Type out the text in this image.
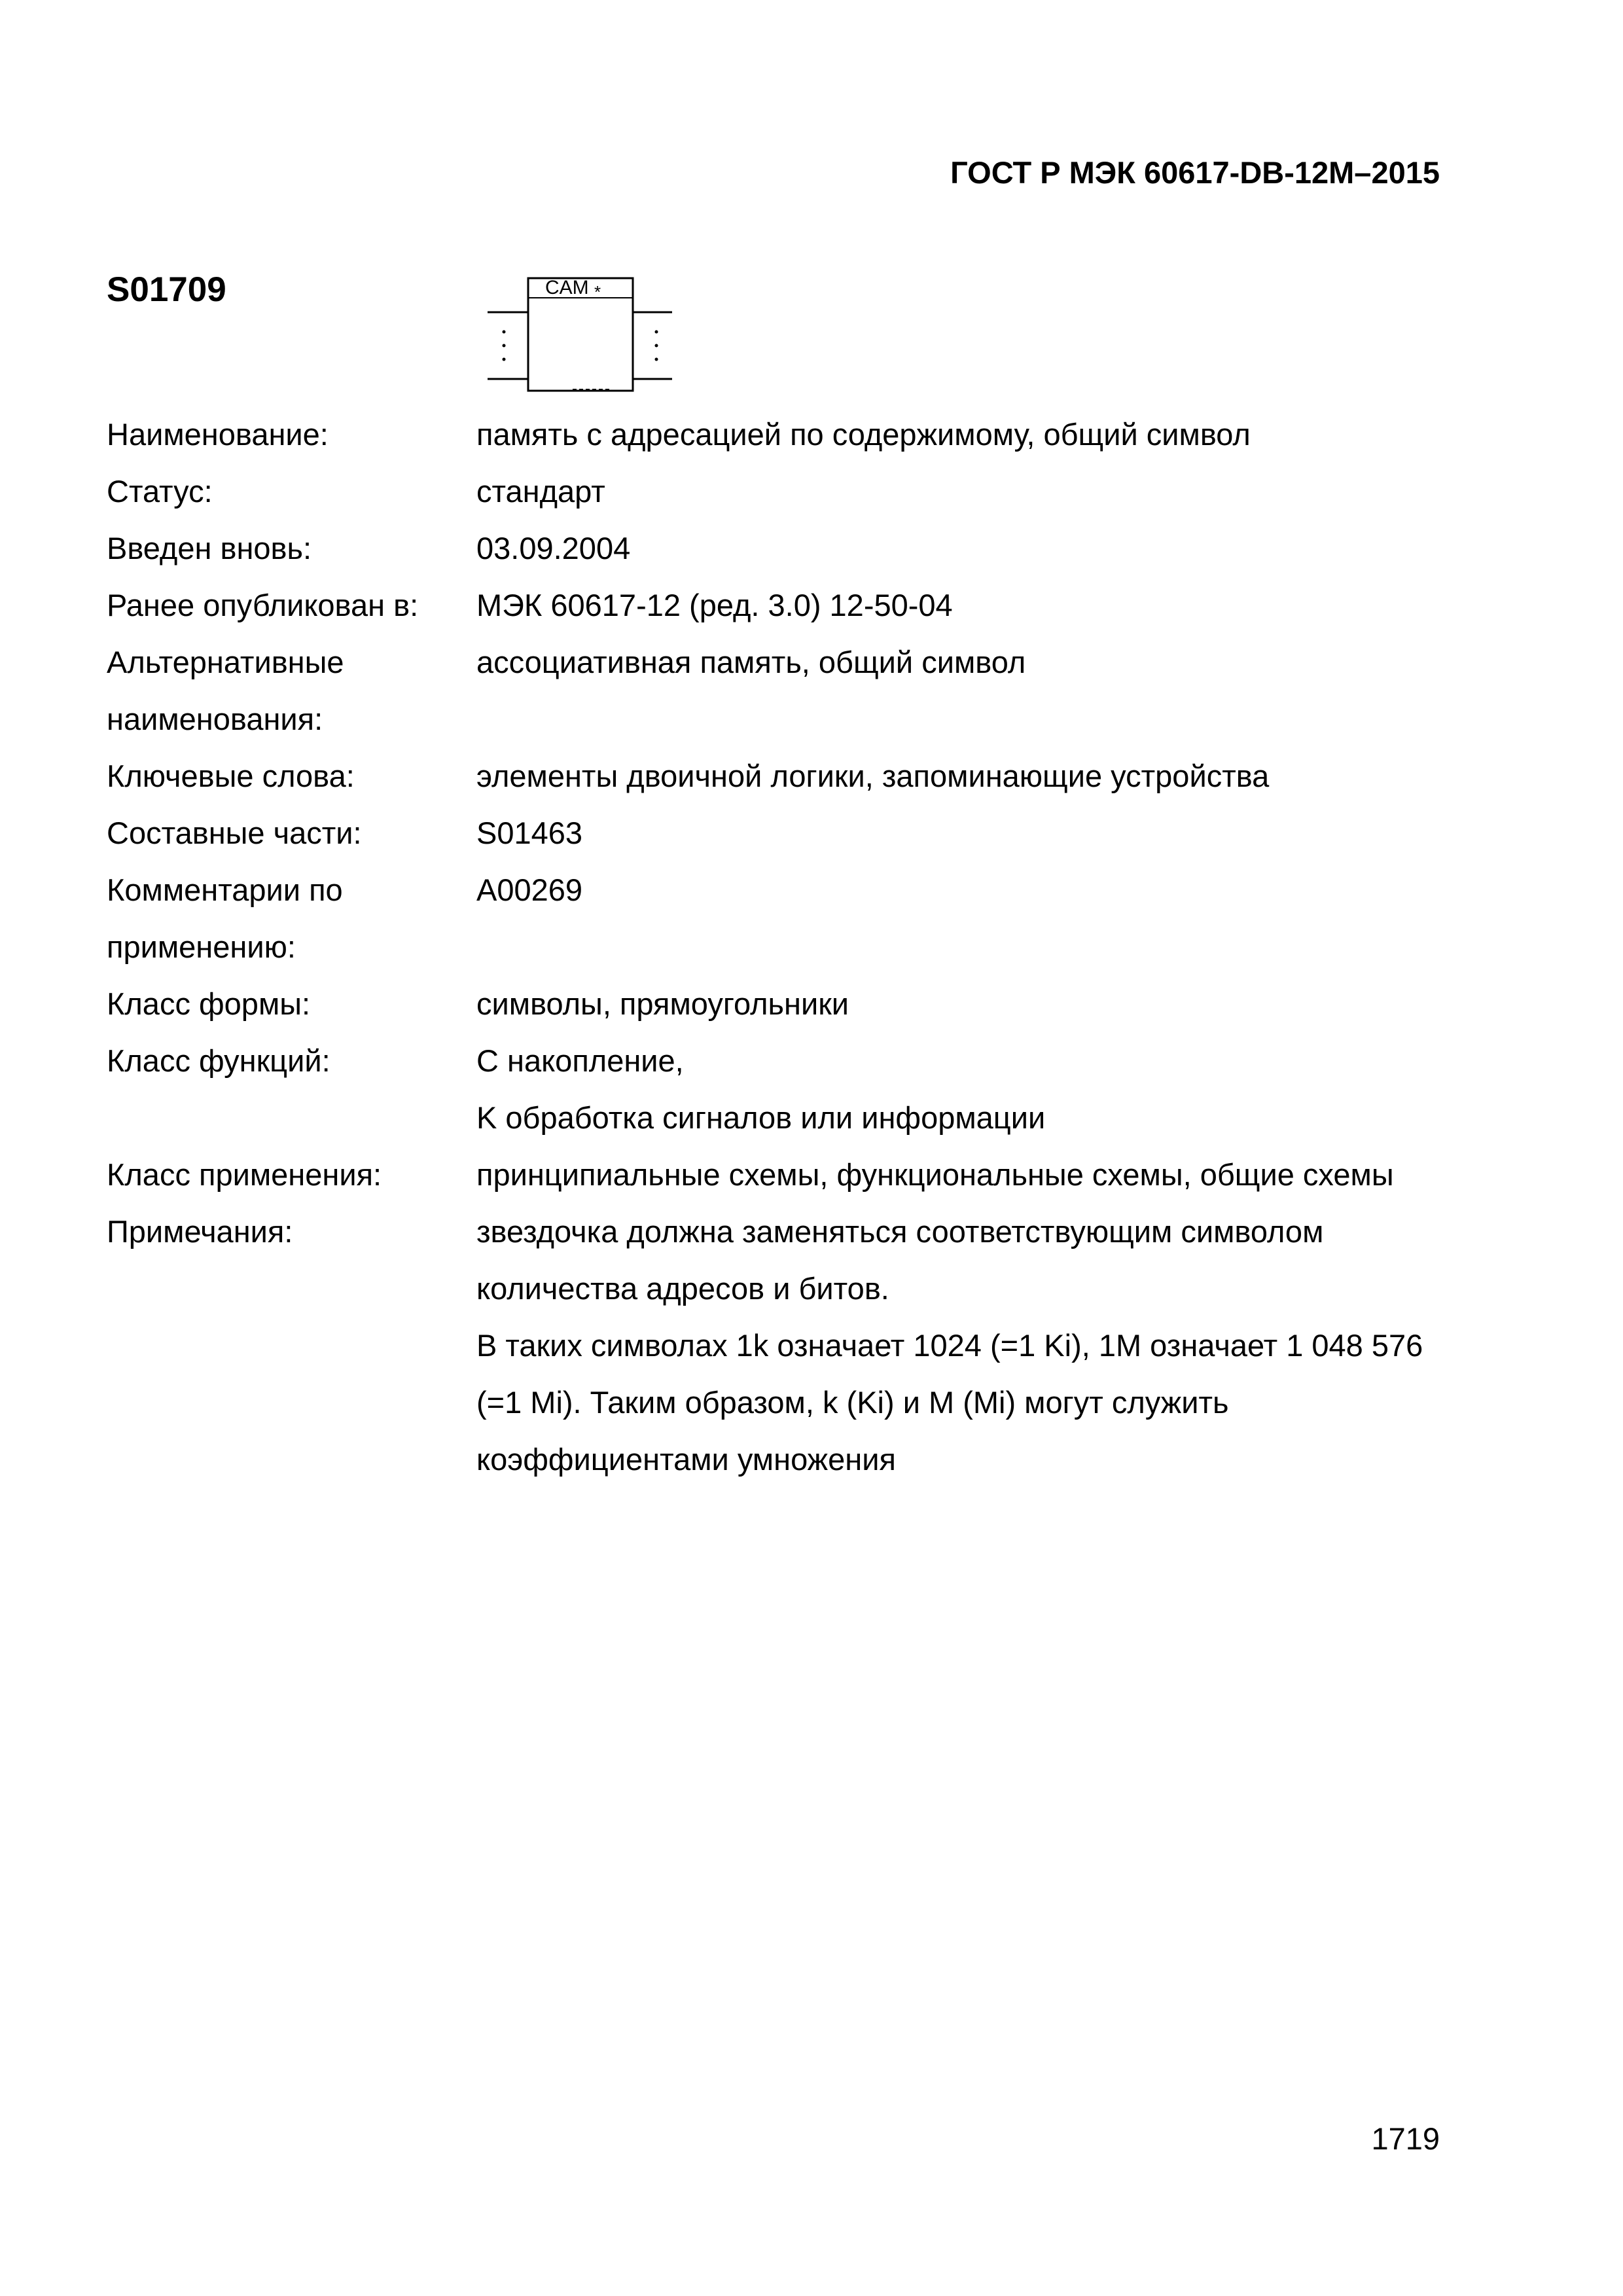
ГОСТ Р МЭК 60617-DB-12М–2015
S01709	CAM *
Наименование:	память с адресацией по содержимому, общий символ
Статус:	стандарт
Введен вновь:	03.09.2004
Ранее опубликован в:	МЭК 60617-12 (ред. 3.0) 12-50-04
Альтернативные наименования:
ассоциативная память, общий символ
Ключевые слова:	элементы двоичной логики, запоминающие устройства
Составные части:	S01463
Комментарии по применению:
A00269
Класс формы:	символы, прямоугольники
Класс функций:	С накопление,
K обработка сигналов или информации
Класс применения:	принципиальные схемы, функциональные схемы, общие схемы
Примечания:	звездочка должна заменяться соответствующим символом количества адресов и битов.
В таких символах 1k означает 1024 (=1 Ki), 1M означает 1 048 576 (=1 Mi). Таким образом, k (Ki) и M (Mi) могут служить коэффициентами умножения
1719
